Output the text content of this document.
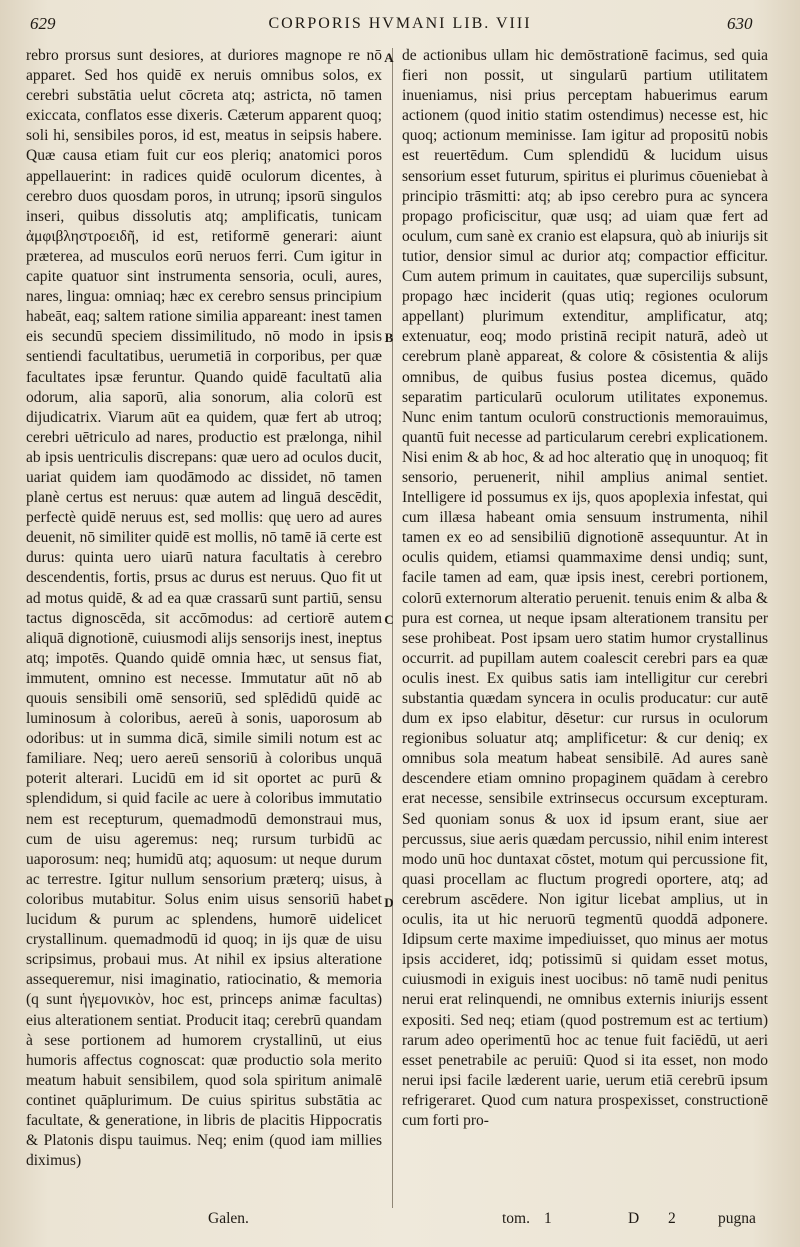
629	CORPORIS HVMANI LIB. VIII	630

rebro prorsus sunt desiores, at duriores magnope re nō apparet. Sed hos quidē ex neruis omnibus solos, ex cerebri substātia uelut cōcreta atq; astricta, nō tamen exiccata, conflatos esse dixeris. Cæterum apparent quoq; soli hi, sensibiles poros, id est, meatus in seipsis habere. Quæ causa etiam fuit cur eos pleriq; anatomici poros appellauerint: in radices quidē oculorum dicentes, à cerebro duos quosdam poros, in utrunq; ipsorū singulos inseri, quibus dissolutis atq; amplificatis, tunicam ἀμφιβληστροειδῆ, id est, retiformē generari: aiunt præterea, ad musculos eorū neruos ferri. Cum igitur in capite quatuor sint instrumenta sensoria, oculi, aures, nares, lingua: omniaq; hæc ex cerebro sensus principium habeāt, eaq; saltem ratione similia appareant: inest tamen eis secundū speciem dissimilitudo, nō modo in ipsis sentiendi facultatibus, uerumetiā in corporibus, per quæ facultates ipsæ feruntur. Quando quidē facultatū alia odorum, alia saporū, alia sonorum, alia colorū est dijudicatrix. Viarum aūt ea quidem, quæ fert ab utroq; cerebri uētriculo ad nares, productio est prælonga, nihil ab ipsis uentriculis discrepans: quæ uero ad oculos ducit, uariat quidem iam quodāmodo ac dissidet, nō tamen planè certus est neruus: quæ autem ad linguā descēdit, perfectè quidē neruus est, sed mollis: quę uero ad aures deuenit, nō similiter quidē est mollis, nō tamē iā certe est durus: quinta uero uiarū natura facultatis à cerebro descendentis, fortis, prsus ac durus est neruus. Quo fit ut ad motus quidē, & ad ea quæ crassarū sunt partiū, sensu tactus dignoscēda, sit accōmodus: ad certiorē autem aliquā dignotionē, cuiusmodi alijs sensorijs inest, ineptus atq; impotēs. Quando quidē omnia hæc, ut sensus fiat, immutent, omnino est necesse. Immutatur aūt nō ab quouis sensibili omē sensoriū, sed splēdidū quidē ac luminosum à coloribus, aereū à sonis, uaporosum ab odoribus: ut in summa dicā, simile simili notum est ac familiare. Neq; uero aereū sensoriū à coloribus unquā poterit alterari. Lucidū em id sit oportet ac purū & splendidum, si quid facile ac uere à coloribus immutatio nem est recepturum, quemadmodū demonstraui mus, cum de uisu ageremus: neq; rursum turbidū ac uaporosum: neq; humidū atq; aquosum: ut neque durum ac terrestre. Igitur nullum sensorium præterq; uisus, à coloribus mutabitur. Solus enim uisus sensoriū habet lucidum & purum ac splendens, humorē uidelicet crystallinum. quemadmodū id quoq; in ijs quæ de uisu scripsimus, probaui mus. At nihil ex ipsius alteratione assequeremur, nisi imaginatio, ratiocinatio, & memoria (q sunt ἡγεμονικὸν, hoc est, princeps animæ facultas) eius alterationem sentiat. Producit itaq; cerebrū quandam à sese portionem ad humorem crystallinū, ut eius humoris affectus cognoscat: quæ productio sola merito meatum habuit sensibilem, quod sola spiritum animalē continet quāplurimum. De cuius spiritus substātia ac facultate, & generatione, in libris de placitis Hippocratis & Platonis dispu tauimus. Neq; enim (quod iam millies diximus)

A
B
C
D

de actionibus ullam hic demōstrationē facimus, sed quia fieri non possit, ut singularū partium utilitatem inueniamus, nisi prius perceptam habuerimus earum actionem (quod initio statim ostendimus) necesse est, hic quoq; actionum meminisse. Iam igitur ad propositū nobis est reuertēdum. Cum splendidū & lucidum uisus sensorium esset futurum, spiritus ei plurimus cōueniebat à principio trāsmitti: atq; ab ipso cerebro pura ac syncera propago proficiscitur, quæ usq; ad uiam quæ fert ad oculum, cum sanè ex cranio est elapsura, quò ab iniurijs sit tutior, densior simul ac durior atq; compactior efficitur. Cum autem primum in cauitates, quæ supercilijs subsunt, propago hæc inciderit (quas utiq; regiones oculorum appellant) plurimum extenditur, amplificatur, atq; extenuatur, eoq; modo pristinā recipit naturā, adeò ut cerebrum planè appareat, & colore & cōsistentia & alijs omnibus, de quibus fusius postea dicemus, quādo separatim particularū oculorum utilitates exponemus. Nunc enim tantum oculorū constructionis memorauimus, quantū fuit necesse ad particularum cerebri explicationem. Nisi enim & ab hoc, & ad hoc alteratio quę in unoquoq; fit sensorio, peruenerit, nihil amplius animal sentiet. Intelligere id possumus ex ijs, quos apoplexia infestat, qui cum illæsa habeant omia sensuum instrumenta, nihil tamen ex eo ad sensibiliū dignotionē assequuntur. At in oculis quidem, etiamsi quammaxime densi undiq; sunt, facile tamen ad eam, quæ ipsis inest, cerebri portionem, colorū externorum alteratio peruenit. tenuis enim & alba & pura est cornea, ut neque ipsam alterationem transitu per sese prohibeat. Post ipsam uero statim humor crystallinus occurrit. ad pupillam autem coalescit cerebri pars ea quæ oculis inest. Ex quibus satis iam intelligitur cur cerebri substantia quædam syncera in oculis producatur: cur autē dum ex ipso elabitur, dēsetur: cur rursus in oculorum regionibus soluatur atq; amplificetur: & cur deniq; ex omnibus sola meatum habeat sensibilē. Ad aures sanè descendere etiam omnino propaginem quādam à cerebro erat necesse, sensibile extrinsecus occursum excepturam. Sed quoniam sonus & uox id ipsum erant, siue aer percussus, siue aeris quædam percussio, nihil enim interest modo unū hoc duntaxat cōstet, motum qui percussione fit, quasi procellam ac fluctum progredi oportere, atq; ad cerebrum ascēdere. Non igitur licebat amplius, ut in oculis, ita ut hic neruorū tegmentū quoddā adponere. Idipsum certe maxime impediuisset, quo minus aer motus ipsis accideret, idq; potissimū si quidam esset motus, cuiusmodi in exiguis inest uocibus: nō tamē nudi penitus nerui erat relinquendi, ne omnibus externis iniurijs essent expositi. Sed neq; etiam (quod postremum est ac tertium) rarum adeo operimentū hoc ac tenue fuit faciēdū, ut aeri esset penetrabile ac peruiū: Quod si ita esset, non modo nerui ipsi facile læderent uarie, uerum etiā cerebrū ipsum refrigeraret. Quod cum natura prospexisset, constructionē cum forti pro-

Galen.	tom. 1	D 2	pugna
